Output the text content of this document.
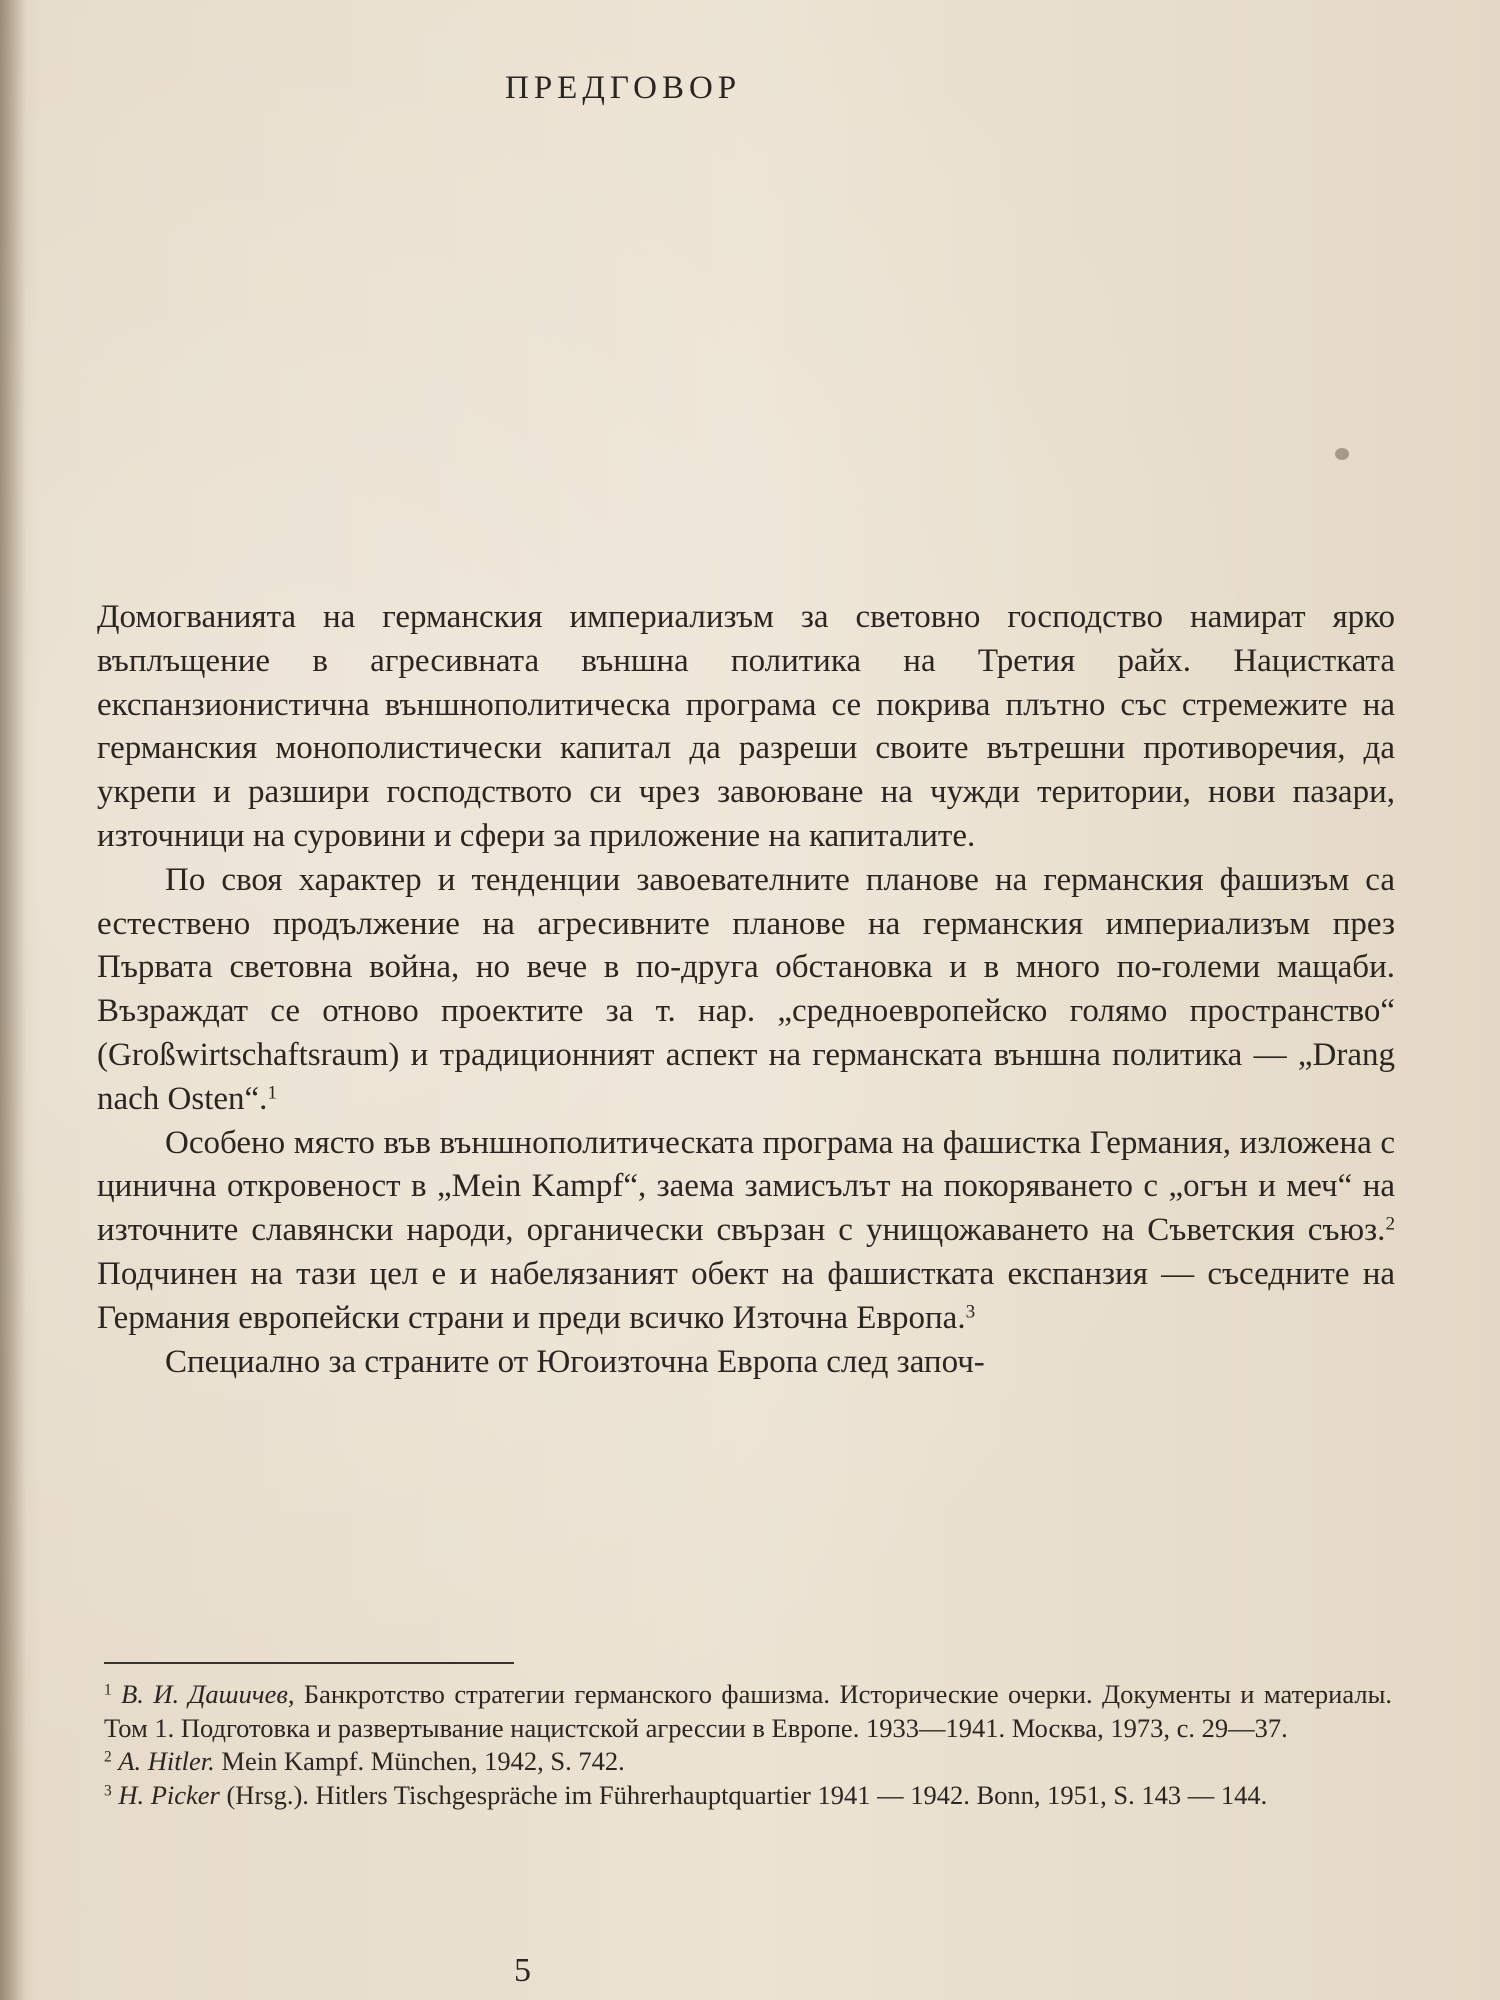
ПРЕДГОВОР

Домогванията на германския империализъм за световно господство намират ярко въплъщение в агресивната външна политика на Третия райх. Нацистката експанзионистична външнополитическа програма се покрива плътно със стремежите на германския монополистически капитал да разреши своите вътрешни противоречия, да укрепи и разшири господството си чрез завоюване на чужди територии, нови пазари, източници на суровини и сфери за приложение на капиталите.

По своя характер и тенденции завоевателните планове на германския фашизъм са естествено продължение на агресивните планове на германския империализъм през Първата световна война, но вече в по-друга обстановка и в много по-големи мащаби. Възраждат се отново проектите за т. нар. „средноевропейско голямо пространство“ (Großwirtschaftsraum) и традиционният аспект на германската външна политика — „Drang nach Osten“.$^1$

Особено място във външнополитическата програма на фашистка Германия, изложена с цинична откровеност в „Mein Kampf“, заема замисълът на покоряването с „огън и меч“ на източните славянски народи, органически свързан с унищожаването на Съветския съюз.$^2$ Подчинен на тази цел е и набелязаният обект на фашистката експанзия — съседните на Германия европейски страни и преди всичко Източна Европа.$^3$

Специално за страните от Югоизточна Европа след започ-

$^1$ В. И. Дашичев, Банкротство стратегии германского фашизма. Исторические очерки. Документы и материалы. Том 1. Подготовка и развертывание нацистской агрессии в Европе. 1933—1941. Москва, 1973, с. 29—37.

$^2$ A. Hitler. Mein Kampf. München, 1942, S. 742.

$^3$ H. Picker (Hrsg.). Hitlers Tischgespräche im Führerhauptquartier 1941 — 1942. Bonn, 1951, S. 143 — 144.

5
